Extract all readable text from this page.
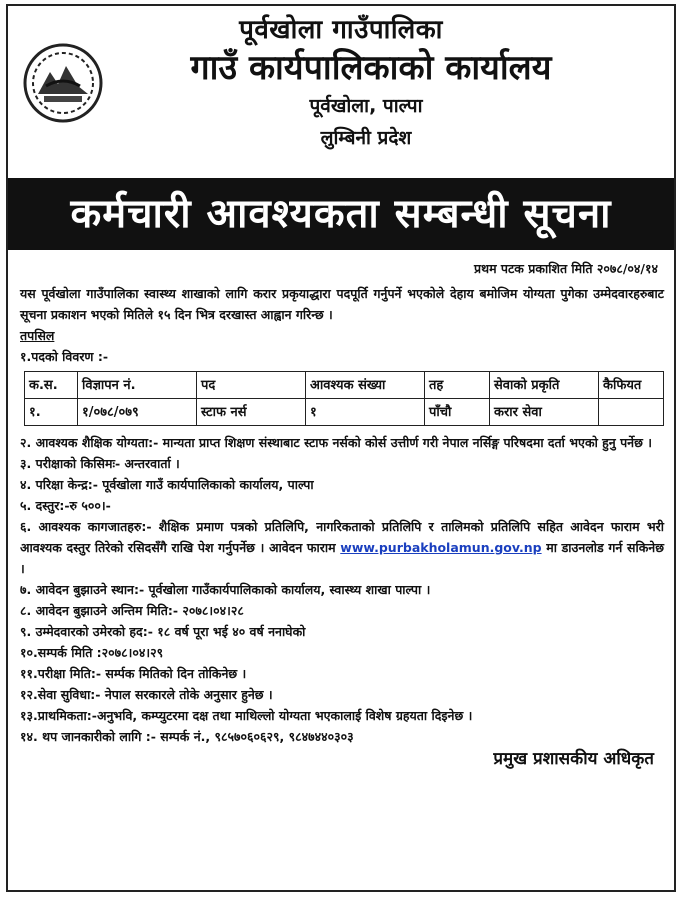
पूर्वखोला गाउँपालिका
गाउँ कार्यपालिकाको कार्यालय
पूर्वखोला, पाल्पा
लुम्बिनी प्रदेश
कर्मचारी आवश्यकता सम्बन्धी सूचना
प्रथम पटक प्रकाशित मिति २०७८/०४/१४
यस पूर्वखोला गाउँपालिका स्वास्थ्य शाखाको लागि करार प्रकृयाद्धारा पदपूर्ति गर्नुपर्ने भएकोले देहाय बमोजिम योग्यता पुगेका उम्मेदवारहरुबाट सूचना प्रकाशन भएको मितिले १५ दिन भित्र दरखास्त आह्वान गरिन्छ ।
तपसिल
१.पदको विवरण :-
क.स.	विज्ञापन नं.	पद	आवश्यक संख्या	तह	सेवाको प्रकृति	कैफियत
१.	१/०७८/०७९	स्टाफ नर्स	१	पाँचौ	करार सेवा	
२. आवश्यक शैक्षिक योग्यता:- मान्यता प्राप्त शिक्षण संस्थाबाट स्टाफ नर्सको कोर्स उत्तीर्ण गरी नेपाल नर्सिङ्ग परिषदमा दर्ता भएको हुनु पर्नेछ ।
३. परीक्षाको किसिमः- अन्तरवार्ता ।
४. परिक्षा केन्द्र:- पूर्वखोला गाउँ कार्यपालिकाको कार्यालय, पाल्पा
५. दस्तुर:-रु ५००।-
६. आवश्यक कागजातहरु:- शैक्षिक प्रमाण पत्रको प्रतिलिपि, नागरिकताको प्रतिलिपि र तालिमको प्रतिलिपि सहित आवेदन फाराम भरी आवश्यक दस्तुर तिरेको रसिदसँगै राखि पेश गर्नुपर्नेछ । आवेदन फाराम www.purbakholamun.gov.np मा डाउनलोड गर्न सकिनेछ ।
७. आवेदन बुझाउने स्थान:- पूर्वखोला गाउँकार्यपालिकाको कार्यालय, स्वास्थ्य शाखा पाल्पा ।
८. आवेदन बुझाउने अन्तिम मिति:- २०७८।०४।२८
९. उम्मेदवारको उमेरको हद:- १८ वर्ष पूरा भई ४० वर्ष ननाघेको
१०.सम्पर्क मिति :२०७८।०४।२९
११.परीक्षा मिति:- सर्म्पक मितिको दिन तोकिनेछ ।
१२.सेवा सुविधा:- नेपाल सरकारले तोके अनुसार हुनेछ ।
१३.प्राथमिकता:-अनुभवि, कम्प्युटरमा दक्ष तथा माथिल्लो योग्यता भएकालाई विशेष ग्रहयता दिइनेछ ।
१४. थप जानकारीको लागि :- सम्पर्क नं., ९८५७०६०६२९, ९८४७४४०३०३
प्रमुख प्रशासकीय अधिकृत
